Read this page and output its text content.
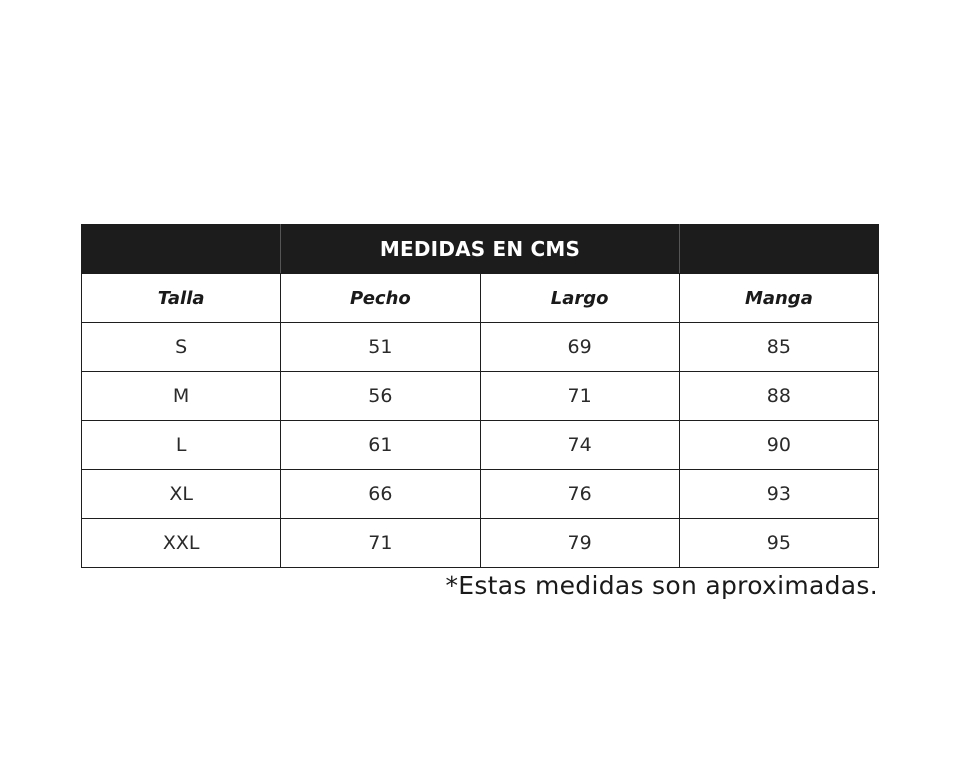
	MEDIDAS EN CMS		
Talla	Pecho	Largo	Manga
S	51	69	85
M	56	71	88
L	61	74	90
XL	66	76	93
XXL	71	79	95
*Estas medidas son aproximadas.
